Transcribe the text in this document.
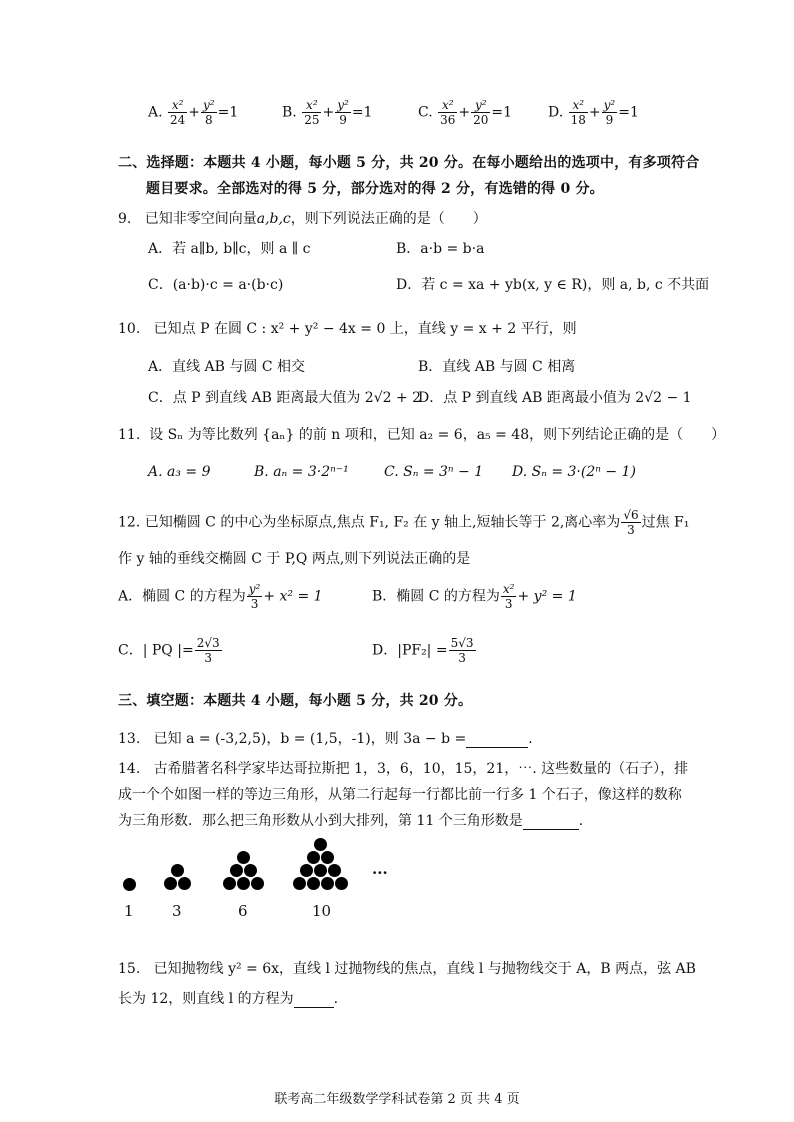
A. $\frac{\text{x²}}{24} + \frac{\text{y²}}{8} =1$	B. $\frac{\text{x²}}{25} + \frac{\text{y²}}{9} =1$	C. $\frac{\text{x²}}{36} + \frac{\text{y²}}{20} =1$	D. $\frac{\text{x²}}{18} + \frac{\text{y²}}{9} =1$
二、选择题：本题共 4 小题，每小题 5 分，共 20 分。在每小题给出的选项中，有多项符合
题目要求。全部选对的得 5 分，部分选对的得 2 分，有选错的得 0 分。
9. 已知非零空间向量a,b,c，则下列说法正确的是（　　）
A．若 a∥b, b∥c，则 a ∥ c	B．a·b = b·a
C．(a·b)·c = a·(b·c)	D．若 c = xa + yb(x, y ∈ R)，则 a, b, c 不共面
10. 已知点 P 在圆 C : x² + y² − 4x = 0 上，直线 y = x + 2 平行，则
A．直线 AB 与圆 C 相交	B．直线 AB 与圆 C 相离
C．点 P 到直线 AB 距离最大值为 2√2 + 2
D．点 P 到直线 AB 距离最小值为 2√2 − 1
11. 设 Sₙ 为等比数列 {aₙ} 的前 n 项和，已知 a₂ = 6，a₅ = 48，则下列结论正确的是（　　）
A. a₃ = 9	B. aₙ = 3·2ⁿ⁻¹	C. Sₙ = 3ⁿ − 1 D. Sₙ = 3·(2ⁿ − 1)
12. 已知椭圆 C 的中心为坐标原点,焦点 F₁, F₂ 在 y 轴上,短轴长等于 2,离心率为 $\frac{√6}{3}$ 过焦 F₁
作 y 轴的垂线交椭圆 C 于 P,Q 两点,则下列说法正确的是
A．椭圆 C 的方程为 $\frac{\text{y²}}{3} + x^2 = 1$	B．椭圆 C 的方程为 $\frac{\text{x²}}{3} + y^2 = 1$
C．| PQ |= $\frac{2√3}{3}$	D．$|PF_2| = \frac{5√3}{3}$
三、填空题：本题共 4 小题，每小题 5 分，共 20 分。
13. 已知 a = (-3,2,5)，b = (1,5，-1)，则 3a − b =	.
14. 古希腊著名科学家毕达哥拉斯把 1，3，6，10，15，21，⋯. 这些数量的（石子），排
成一个个如图一样的等边三角形，从第二行起每一行都比前一行多 1 个石子，像这样的数称
为三角形数．那么把三角形数从小到大排列，第 11 个三角形数是	.
···
1	3	6	10
15. 已知抛物线 y² = 6x，直线 l 过抛物线的焦点，直线 l 与抛物线交于 A，B 两点，弦 AB
长为 12，则直线 l 的方程为	.
联考高二年级数学学科试卷第 2 页 共 4 页
